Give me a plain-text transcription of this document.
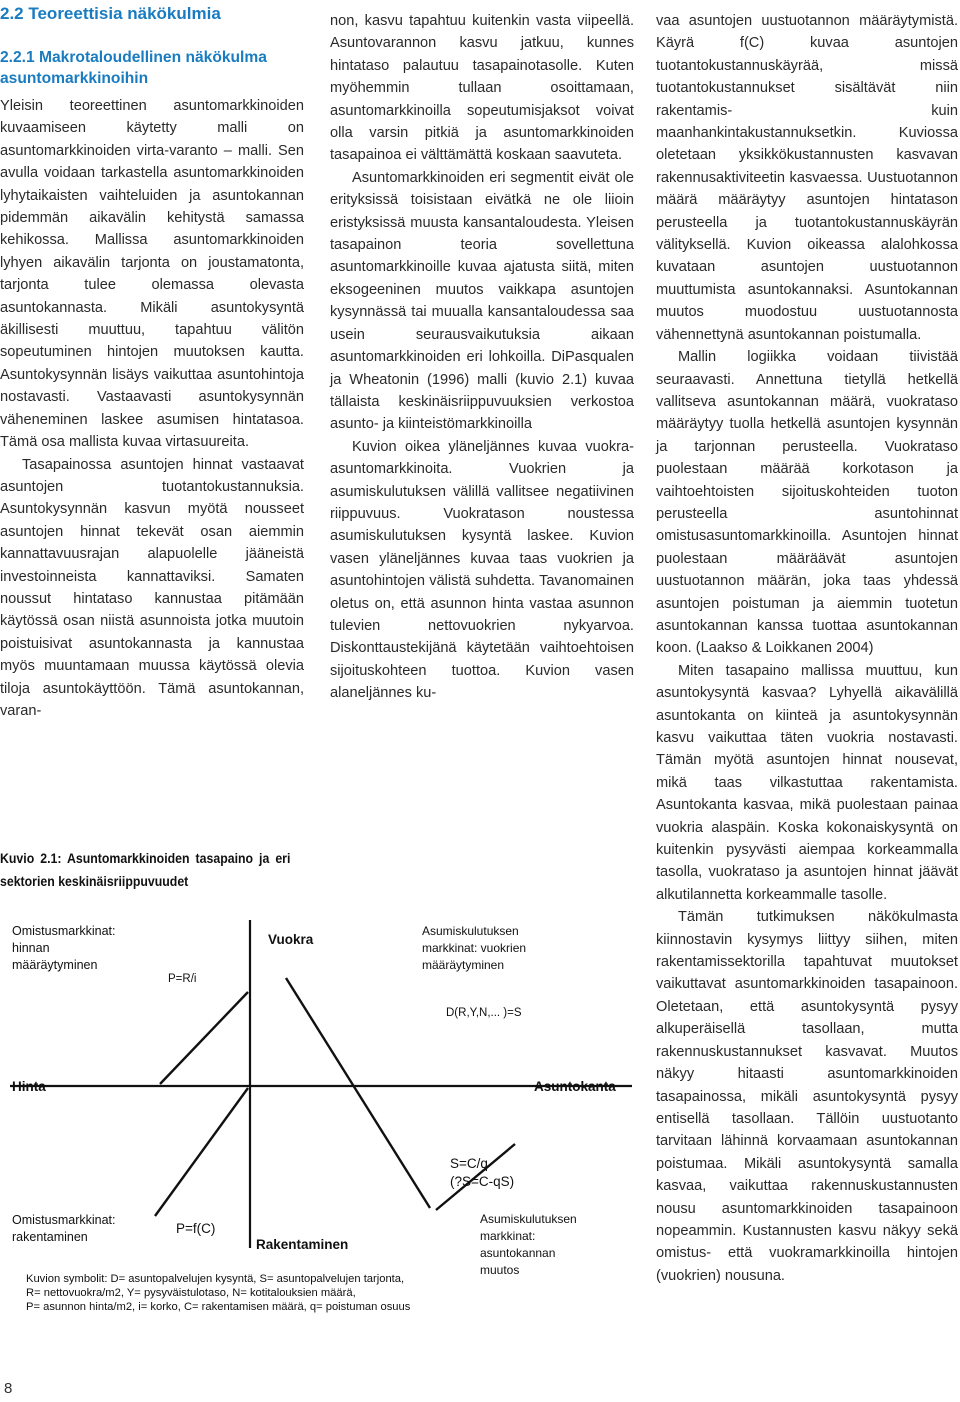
2.2 Teoreettisia näkökulmia
2.2.1 Makrotaloudellinen näkökulma asuntomarkkinoihin

Yleisin teoreettinen asuntomarkkinoiden kuvaamiseen käytetty malli on asuntomarkkinoiden virta-varanto – malli. Sen avulla voidaan tarkastella asuntomarkkinoiden lyhytaikaisten vaihteluiden ja asuntokannan pidemmän aikavälin kehitystä samassa kehikossa. Mallissa asuntomarkkinoiden lyhyen aikavälin tarjonta on joustamatonta, tarjonta tulee olemassa olevasta asuntokannasta. Mikäli asuntokysyntä äkillisesti muuttuu, tapahtuu välitön sopeutuminen hintojen muutoksen kautta. Asuntokysynnän lisäys vaikuttaa asuntohintoja nostavasti. Vastaavasti asuntokysynnän väheneminen laskee asumisen hintatasoa. Tämä osa mallista kuvaa virtasuureita.

Tasapainossa asuntojen hinnat vastaavat asuntojen tuotantokustannuksia. Asuntokysynnän kasvun myötä nousseet asuntojen hinnat tekevät osan aiemmin kannattavuusrajan alapuolelle jääneistä investoinneista kannattaviksi. Samaten noussut hintataso kannustaa pitämään käytössä osan niistä asunnoista jotka muutoin poistuisivat asuntokannasta ja kannustaa myös muuntamaan muussa käytössä olevia tiloja asuntokäyttöön. Tämä asuntokannan, varan-

Kuvio 2.1: Asuntomarkkinoiden tasapaino ja eri sektorien keskinäisriippuvuudet

non, kasvu tapahtuu kuitenkin vasta viipeellä. Asuntovarannon kasvu jatkuu, kunnes hintataso palautuu tasapainotasolle. Kuten myöhemmin tullaan osoittamaan, asuntomarkkinoilla sopeutumisjaksot voivat olla varsin pitkiä ja asuntomarkkinoiden tasapainoa ei välttämättä koskaan saavuteta.

Asuntomarkkinoiden eri segmentit eivät ole erityksissä toisistaan eivätkä ne ole liioin eristyksissä muusta kansantaloudesta. Yleisen tasapainon teoria sovellettuna asuntomarkkinoille kuvaa ajatusta siitä, miten eksogeeninen muutos vaikkapa asuntojen kysynnässä tai muualla kansantaloudessa saa usein seurausvaikutuksia aikaan asuntomarkkinoiden eri lohkoilla. DiPasqualen ja Wheatonin (1996) malli (kuvio 2.1) kuvaa tällaista keskinäisriippuvuuksien verkostoa asunto- ja kiinteistömarkkinoilla

Kuvion oikea yläneljännes kuvaa vuokra-asuntomarkkinoita. Vuokrien ja asumiskulutuksen välillä vallitsee negatiivinen riippuvuus. Vuokratason noustessa asumiskulutuksen kysyntä laskee. Kuvion vasen yläneljännes kuvaa taas vuokrien ja asuntohintojen välistä suhdetta. Tavanomainen oletus on, että asunnon hinta vastaa asunnon tulevien nettovuokrien nykyarvoa. Diskonttaustekijänä käytetään vaihtoehtoisen sijoituskohteen tuottoa. Kuvion vasen alaneljännes ku-

vaa asuntojen uustuotannon määräytymistä. Käyrä f(C) kuvaa asuntojen tuotantokustannuskäyrää, missä tuotantokustannukset sisältävät niin rakentamis- kuin maanhankintakustannuksetkin. Kuviossa oletetaan yksikkökustannusten kasvavan rakennusaktiviteetin kasvaessa. Uustuotannon määrä määräytyy asuntojen hintatason perusteella ja tuotantokustannuskäyrän välityksellä. Kuvion oikeassa alalohkossa kuvataan asuntojen uustuotannon muuttumista asuntokannaksi. Asuntokannan muutos muodostuu uustuotannosta vähennettynä asuntokannan poistumalla.

Mallin logiikka voidaan tiivistää seuraavasti. Annettuna tietyllä hetkellä vallitseva asuntokannan määrä, vuokrataso määräytyy tuolla hetkellä asuntojen kysynnän ja tarjonnan perusteella. Vuokrataso puolestaan määrää korkotason ja vaihtoehtoisten sijoituskohteiden tuoton perusteella asuntohinnat omistusasuntomarkkinoilla. Asuntojen hinnat puolestaan määräävät asuntojen uustuotannon määrän, joka taas yhdessä asuntojen poistuman ja aiemmin tuotetun asuntokannan kanssa tuottaa asuntokannan koon. (Laakso & Loikkanen 2004)

Miten tasapaino mallissa muuttuu, kun asuntokysyntä kasvaa? Lyhyellä aikavälillä asuntokanta on kiinteä ja asuntokysynnän kasvu vaikuttaa täten vuokria nostavasti. Tämän myötä asuntojen hinnat nousevat, mikä taas vilkastuttaa rakentamista. Asuntokanta kasvaa, mikä puolestaan painaa vuokria alaspäin. Koska kokonaiskysyntä on kuitenkin pysyvästi aiempaa korkeammalla tasolla, vuokrataso ja asuntojen hinnat jäävät alkutilannetta korkeammalle tasolle.

Tämän tutkimuksen näkökulmasta kiinnostavin kysymys liittyy siihen, miten rakentamissektorilla tapahtuvat muutokset vaikuttavat asuntomarkkinoiden tasapainoon. Oletetaan, että asuntokysyntä pysyy alkuperäisellä tasollaan, mutta rakennuskustannukset kasvavat. Muutos näkyy hitaasti asuntomarkkinoiden tasapainossa, mikäli asuntokysyntä pysyy entisellä tasollaan. Tällöin uustuotanto tarvitaan lähinnä korvaamaan asuntokannan poistumaa. Mikäli asuntokysyntä samalla kasvaa, vaikuttaa rakennuskustannusten nousu asuntomarkkinoiden tasapainoon nopeammin. Kustannusten kasvu näkyy sekä omistus- että vuokramarkkinoilla hintojen (vuokrien) nousuna.

Omistusmarkkinat: hinnan määräytyminen
P=R/i
Vuokra
Asumiskulutuksen markkinat: vuokrien määräytyminen
D(R,Y,N,... )=S
Hinta	Asuntokanta
S=C/q (?S=C-qS)
Omistusmarkkinat: rakentaminen
P=f(C)
Rakentaminen
Asumiskulutuksen markkinat: asuntokannan muutos
Kuvion symbolit: D= asuntopalvelujen kysyntä, S= asuntopalvelujen tarjonta, R= nettovuokra/m2, Y= pysyväistulotaso, N= kotitalouksien määrä, P= asunnon hinta/m2, i= korko, C= rakentamisen määrä, q= poistuman osuus

8
